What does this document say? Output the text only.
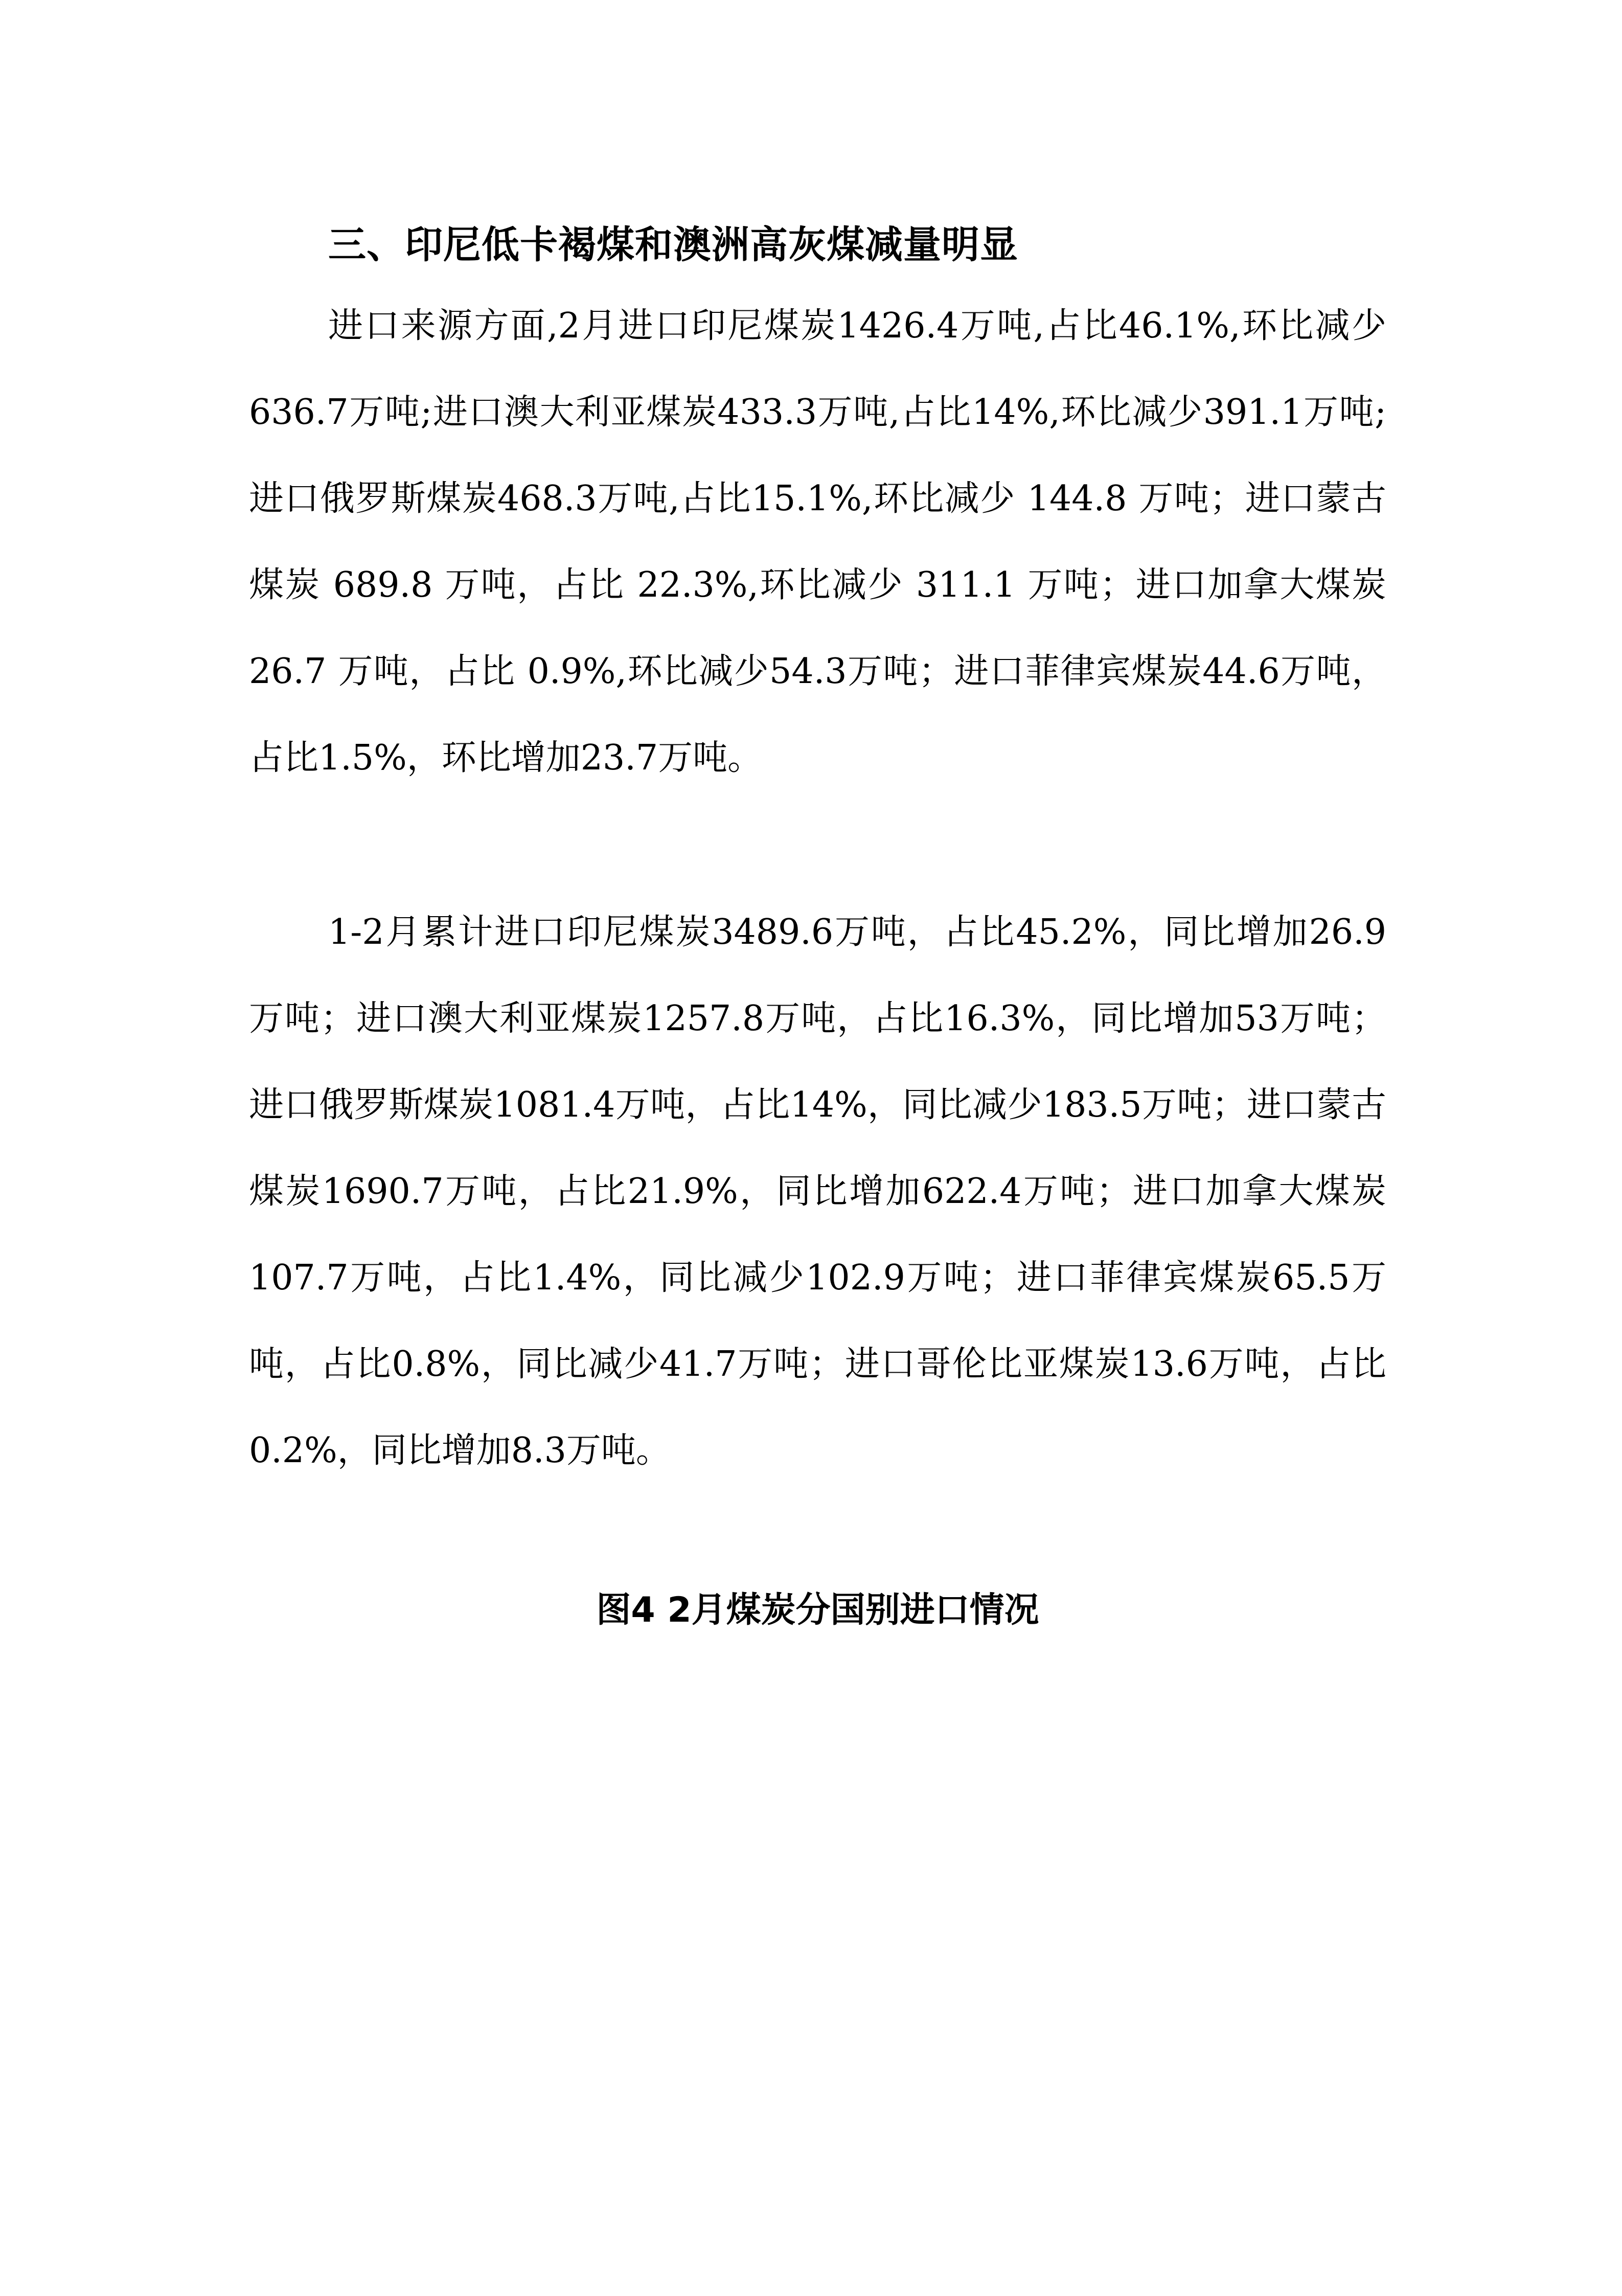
三、印尼低卡褐煤和澳洲高灰煤减量明显

进口来源方面,2月进口印尼煤炭1426.4万吨,占比46.1%,环比减少636.7万吨;进口澳大利亚煤炭433.3万吨,占比14%,环比减少391.1万吨;进口俄罗斯煤炭468.3万吨,占比15.1%,环比减少 144.8 万吨；进口蒙古煤炭 689.8 万吨，占比 22.3%,环比减少 311.1 万吨；进口加拿大煤炭 26.7 万吨，占比 0.9%,环比减少54.3万吨；进口菲律宾煤炭44.6万吨，占比1.5%，环比增加23.7万吨。

1-2月累计进口印尼煤炭3489.6万吨，占比45.2%，同比增加26.9万吨；进口澳大利亚煤炭1257.8万吨，占比16.3%，同比增加53万吨；进口俄罗斯煤炭1081.4万吨，占比14%，同比减少183.5万吨；进口蒙古煤炭1690.7万吨，占比21.9%，同比增加622.4万吨；进口加拿大煤炭107.7万吨，占比1.4%，同比减少102.9万吨；进口菲律宾煤炭65.5万吨，占比0.8%，同比减少41.7万吨；进口哥伦比亚煤炭13.6万吨，占比0.2%，同比增加8.3万吨。

图4 2月煤炭分国别进口情况
